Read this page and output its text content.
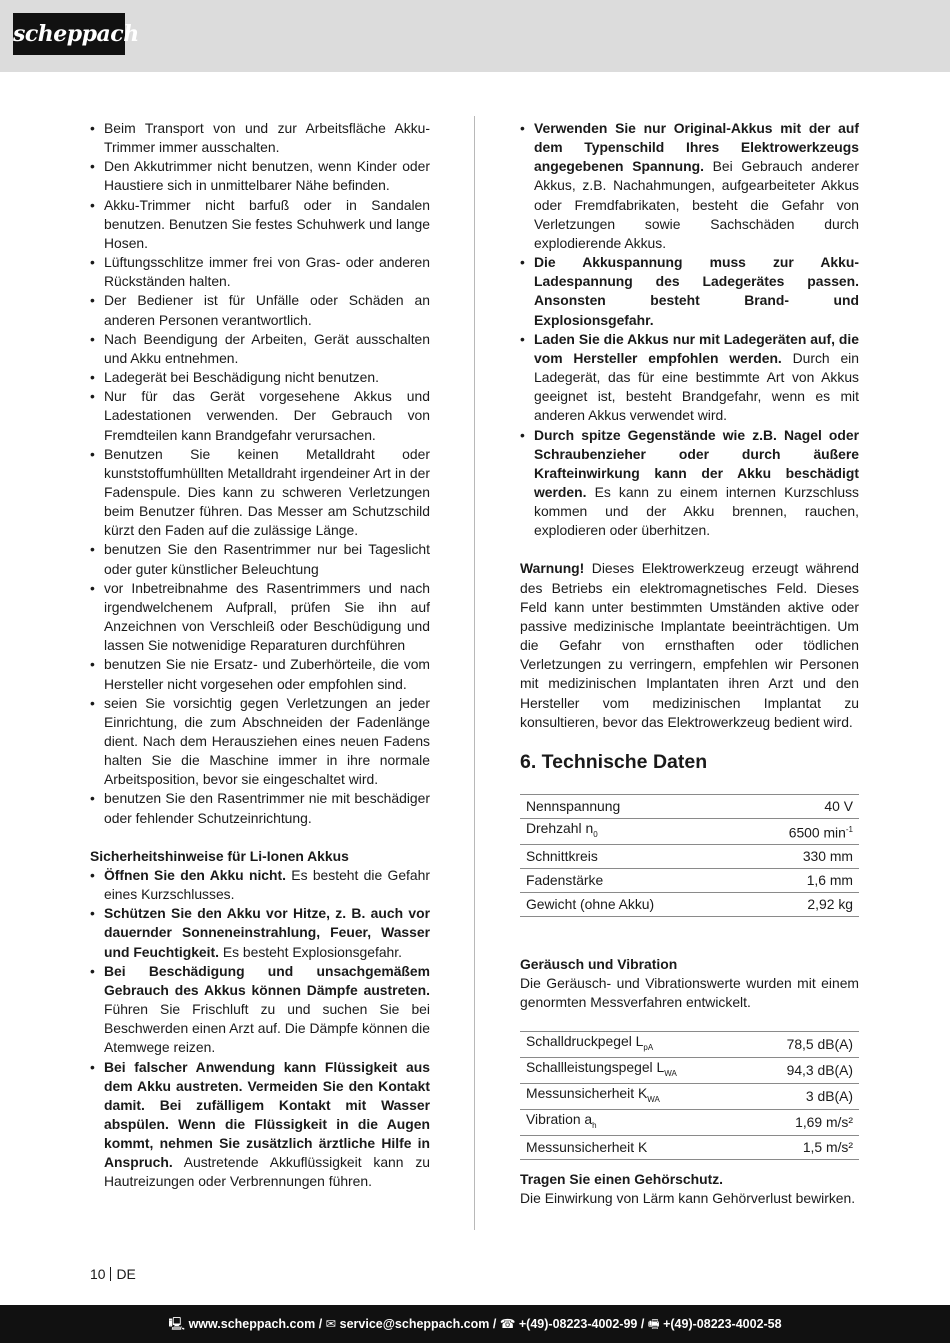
scheppach
• Beim Transport von und zur Arbeitsfläche Akku-Trimmer immer ausschalten.
• Den Akkutrimmer nicht benutzen, wenn Kinder oder Haustiere sich in unmittelbarer Nähe befinden.
• Akku-Trimmer nicht barfuß oder in Sandalen benutzen. Benutzen Sie festes Schuhwerk und lange Hosen.
• Lüftungsschlitze immer frei von Gras- oder anderen Rückständen halten.
• Der Bediener ist für Unfälle oder Schäden an anderen Personen verantwortlich.
• Nach Beendigung der Arbeiten, Gerät ausschalten und Akku entnehmen.
• Ladegerät bei Beschädigung nicht benutzen.
• Nur für das Gerät vorgesehene Akkus und Ladestationen verwenden. Der Gebrauch von Fremdteilen kann Brandgefahr verursachen.
• Benutzen Sie keinen Metalldraht oder kunststoffumhüllten Metalldraht irgendeiner Art in der Fadenspule. Dies kann zu schweren Verletzungen beim Benutzer führen. Das Messer am Schutzschild kürzt den Faden auf die zulässige Länge.
• benutzen Sie den Rasentrimmer nur bei Tageslicht oder guter künstlicher Beleuchtung
• vor Inbetreibnahme des Rasentrimmers und nach irgendwelchenem Aufprall, prüfen Sie ihn auf Anzeichnen von Verschleiß oder Beschüdigung und lassen Sie notwenidige Reparaturen durchführen
• benutzen Sie nie Ersatz- und Zuberhörteile, die vom Hersteller nicht vorgesehen oder empfohlen sind.
• seien Sie vorsichtig gegen Verletzungen an jeder Einrichtung, die zum Abschneiden der Fadenlänge dient. Nach dem Herausziehen eines neuen Fadens halten Sie die Maschine immer in ihre normale Arbeitsposition, bevor sie eingeschaltet wird.
• benutzen Sie den Rasentrimmer nie mit beschädiger oder fehlender Schutzeinrichtung.
Sicherheitshinweise für Li-Ionen Akkus
• Öffnen Sie den Akku nicht. Es besteht die Gefahr eines Kurzschlusses.
• Schützen Sie den Akku vor Hitze, z. B. auch vor dauernder Sonneneinstrahlung, Feuer, Wasser und Feuchtigkeit. Es besteht Explosionsgefahr.
• Bei Beschädigung und unsachgemäßem Gebrauch des Akkus können Dämpfe austreten. Führen Sie Frischluft zu und suchen Sie bei Beschwerden einen Arzt auf. Die Dämpfe können die Atemwege reizen.
• Bei falscher Anwendung kann Flüssigkeit aus dem Akku austreten. Vermeiden Sie den Kontakt damit. Bei zufälligem Kontakt mit Wasser abspülen. Wenn die Flüssigkeit in die Augen kommt, nehmen Sie zusätzlich ärztliche Hilfe in Anspruch. Austretende Akkuflüssigkeit kann zu Hautreizungen oder Verbrennungen führen.
• Verwenden Sie nur Original-Akkus mit der auf dem Typenschild Ihres Elektrowerkzeugs angegebenen Spannung. Bei Gebrauch anderer Akkus, z.B. Nachahmungen, aufgearbeiteter Akkus oder Fremdfabrikaten, besteht die Gefahr von Verletzungen sowie Sachschäden durch explodierende Akkus.
• Die Akkuspannung muss zur Akku- Ladespannung des Ladegerätes passen. Ansonsten besteht Brand- und Explosionsgefahr.
• Laden Sie die Akkus nur mit Ladegeräten auf, die vom Hersteller empfohlen werden. Durch ein Ladegerät, das für eine bestimmte Art von Akkus geeignet ist, besteht Brandgefahr, wenn es mit anderen Akkus verwendet wird.
• Durch spitze Gegenstände wie z.B. Nagel oder Schraubenzieher oder durch äußere Krafteinwirkung kann der Akku beschädigt werden. Es kann zu einem internen Kurzschluss kommen und der Akku brennen, rauchen, explodieren oder überhitzen.

Warnung! Dieses Elektrowerkzeug erzeugt während des Betriebs ein elektromagnetisches Feld. Dieses Feld kann unter bestimmten Umständen aktive oder passive medizinische Implantate beeinträchtigen. Um die Gefahr von ernsthaften oder tödlichen Verletzungen zu verringern, empfehlen wir Personen mit medizinischen Implantaten ihren Arzt und den Hersteller vom medizinischen Implantat zu konsultieren, bevor das Elektrowerkzeug bedient wird.

6. Technische Daten
Nennspannung	40 V
Drehzahl $n_0$	6500 $\min^{-1}$
Schnittkreis	330 mm
Fadenstärke	1,6 mm
Gewicht (ohne Akku)	2,92 kg
Geräusch und Vibration

Die Geräusch- und Vibrationswerte wurden mit einem genormten Messverfahren entwickelt.

Schalldruckpegel $L_{pA}$	78,5 dB(A)
Schallleistungspegel $L_{WA}$	94,3 dB(A)
Messunsicherheit $K_{WA}$	3 dB(A)
Vibration $a_h$	1,69 m/s²
Messunsicherheit K	1,5 m/s²
Tragen Sie einen Gehörschutz.

Die Einwirkung von Lärm kann Gehörverlust bewirken.

10 DE
🖳 www.scheppach.com / ✉ service@scheppach.com / ☎ +(49)-08223-4002-99 / 🖷 +(49)-08223-4002-58
